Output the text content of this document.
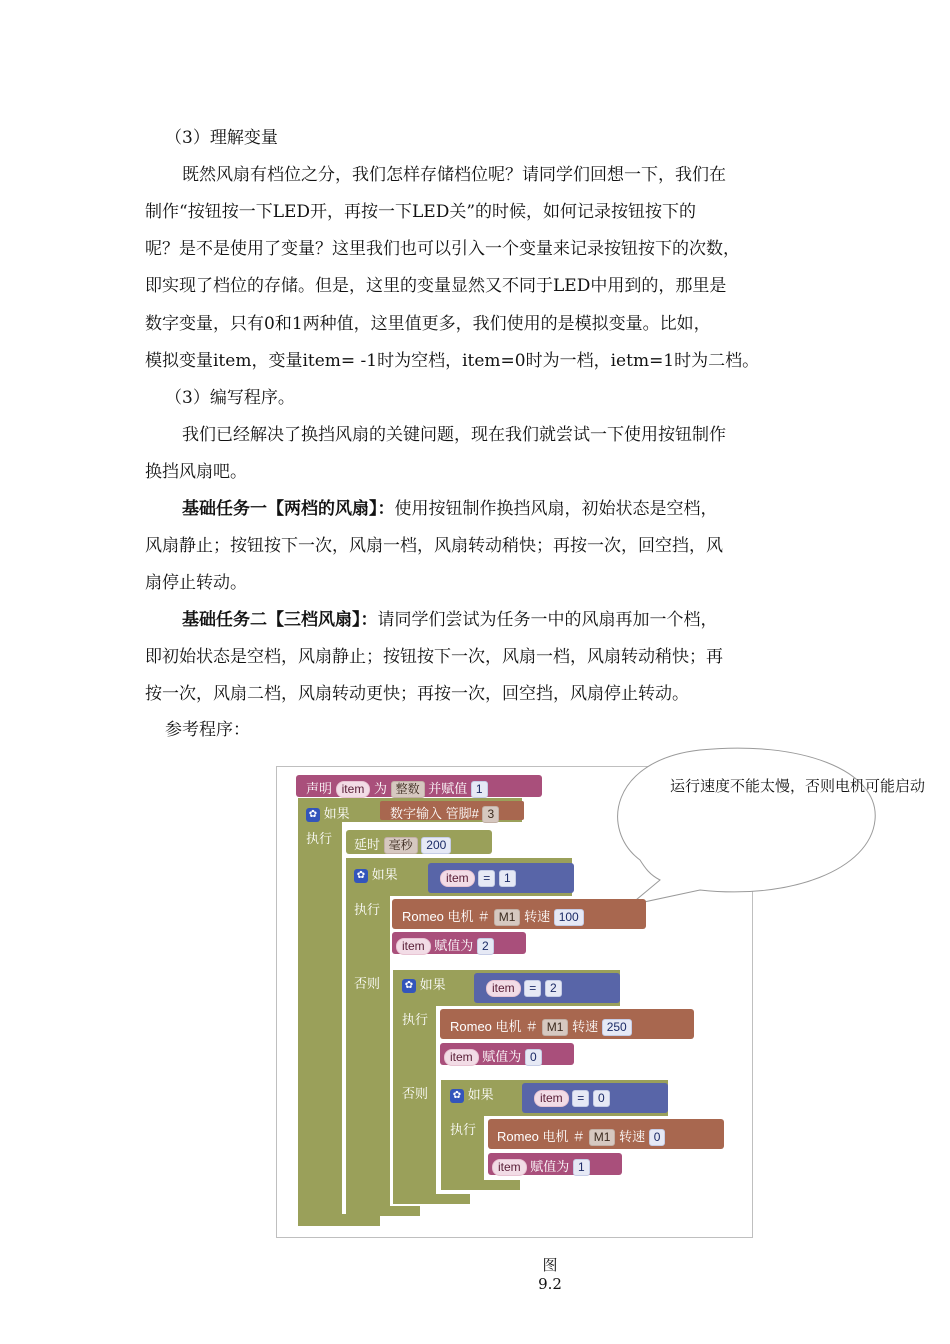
（3）理解变量
既然风扇有档位之分，我们怎样存储档位呢？请同学们回想一下，我们在
制作“按钮按一下LED开，再按一下LED关”的时候，如何记录按钮按下的
呢？是不是使用了变量？这里我们也可以引入一个变量来记录按钮按下的次数，
即实现了档位的存储。但是，这里的变量显然又不同于LED中用到的，那里是
数字变量，只有0和1两种值，这里值更多，我们使用的是模拟变量。比如，
模拟变量item，变量item= -1时为空档，item=0时为一档，ietm=1时为二档。
（3）编写程序。
我们已经解决了换挡风扇的关键问题，现在我们就尝试一下使用按钮制作
换挡风扇吧。
基础任务一【两档的风扇】：使用按钮制作换挡风扇，初始状态是空档，
风扇静止；按钮按下一次，风扇一档，风扇转动稍快；再按一次，回空挡，风
扇停止转动。
基础任务二【三档风扇】：请同学们尝试为任务一中的风扇再加一个档，
即初始状态是空档，风扇静止；按钮按下一次，风扇一档，风扇转动稍快；再
按一次，风扇二档，风扇转动更快；再按一次，回空挡，风扇停止转动。
参考程序：
声明 item 为 整数 并赋值 1
✿ 如果	数字输入 管脚# 3
执行 延时 毫秒 200
✿ 如果	item = 1
执行 Romeo 电机 ＃ M1 转速 100
item 赋值为 2
否则 ✿ 如果	item = 2
执行 Romeo 电机 ＃ M1 转速 250
item 赋值为 0
否则 ✿ 如果	item = 0
执行 Romeo 电机 ＃ M1 转速 0
item 赋值为 1
运行速度不能太慢，否则电机可能启动
图
9.2
